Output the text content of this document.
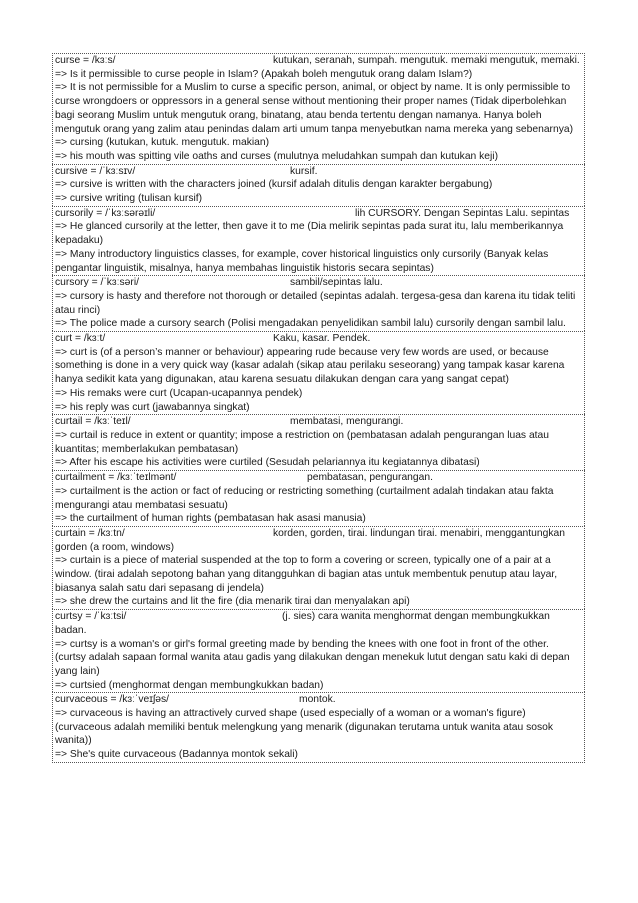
curse = /kɜːs/	kutukan, seranah, sumpah. mengutuk. memaki mengutuk, memaki.
=> Is it permissible to curse people in Islam? (Apakah boleh mengutuk orang dalam Islam?)
=> It is not permissible for a Muslim to curse a specific person, animal, or object by name. It is only permissible to curse wrongdoers or oppressors in a general sense without mentioning their proper names (Tidak diperbolehkan bagi seorang Muslim untuk mengutuk orang, binatang, atau benda tertentu dengan namanya. Hanya boleh mengutuk orang yang zalim atau penindas dalam arti umum tanpa menyebutkan nama mereka yang sebenarnya)
=> cursing (kutukan, kutuk. mengutuk. makian)
=> his mouth was spitting vile oaths and curses (mulutnya meludahkan sumpah dan kutukan keji)
cursive = /ˈkɜːsɪv/	kursif.
=> cursive is written with the characters joined (kursif adalah ditulis dengan karakter bergabung)
=> cursive writing (tulisan kursif)
cursorily = /ˈkɜːsərəɪli/	lih CURSORY. Dengan Sepintas Lalu. sepintas
=> He glanced cursorily at the letter, then gave it to me (Dia melirik sepintas pada surat itu, lalu memberikannya kepadaku)
=> Many introductory linguistics classes, for example, cover historical linguistics only cursorily (Banyak kelas pengantar linguistik, misalnya, hanya membahas linguistik historis secara sepintas)
cursory = /ˈkɜːsəri/	sambil/sepintas lalu.
=> cursory is hasty and therefore not thorough or detailed (sepintas adalah. tergesa-gesa dan karena itu tidak teliti atau rinci)
=> The police made a cursory search (Polisi mengadakan penyelidikan sambil lalu) cursorily dengan sambil lalu.
curt = /kɜːt/	Kaku, kasar. Pendek.
=> curt is (of a person’s manner or behaviour) appearing rude because very few words are used, or because something is done in a very quick way (kasar adalah (sikap atau perilaku seseorang) yang tampak kasar karena hanya sedikit kata yang digunakan, atau karena sesuatu dilakukan dengan cara yang sangat cepat)
=> His remaks were curt (Ucapan-ucapannya pendek)
=> his reply was curt (jawabannya singkat)
curtail = /kɜːˈteɪl/	membatasi, mengurangi.
=> curtail is reduce in extent or quantity; impose a restriction on (pembatasan adalah pengurangan luas atau kuantitas; memberlakukan pembatasan)
=> After his escape his activities were curtiled (Sesudah pelariannya itu kegiatannya dibatasi)
curtailment = /kɜːˈteɪlmənt/	pembatasan, pengurangan.
=> curtailment is the action or fact of reducing or restricting something (curtailment adalah tindakan atau fakta mengurangi atau membatasi sesuatu)
=> the curtailment of human rights (pembatasan hak asasi manusia)
curtain = /kɜːtn/	korden, gorden, tirai. lindungan tirai. menabiri, menggantungkan gorden (a room, windows)
=> curtain is a piece of material suspended at the top to form a covering or screen, typically one of a pair at a window. (tirai adalah sepotong bahan yang ditangguhkan di bagian atas untuk membentuk penutup atau layar, biasanya salah satu dari sepasang di jendela)
=> she drew the curtains and lit the fire (dia menarik tirai dan menyalakan api)
curtsy = /ˈkɜːtsi/	(j. sies) cara wanita menghormat dengan membungkukkan badan.
=> curtsy is a woman's or girl's formal greeting made by bending the knees with one foot in front of the other. (curtsy adalah sapaan formal wanita atau gadis yang dilakukan dengan menekuk lutut dengan satu kaki di depan yang lain)
=> curtsied (menghormat dengan membungkukkan badan)
curvaceous = /kɜːˈveɪʃəs/	montok.
=> curvaceous is having an attractively curved shape (used especially of a woman or a woman's figure) (curvaceous adalah memiliki bentuk melengkung yang menarik (digunakan terutama untuk wanita atau sosok wanita))
=> She's quite curvaceous (Badannya montok sekali)
